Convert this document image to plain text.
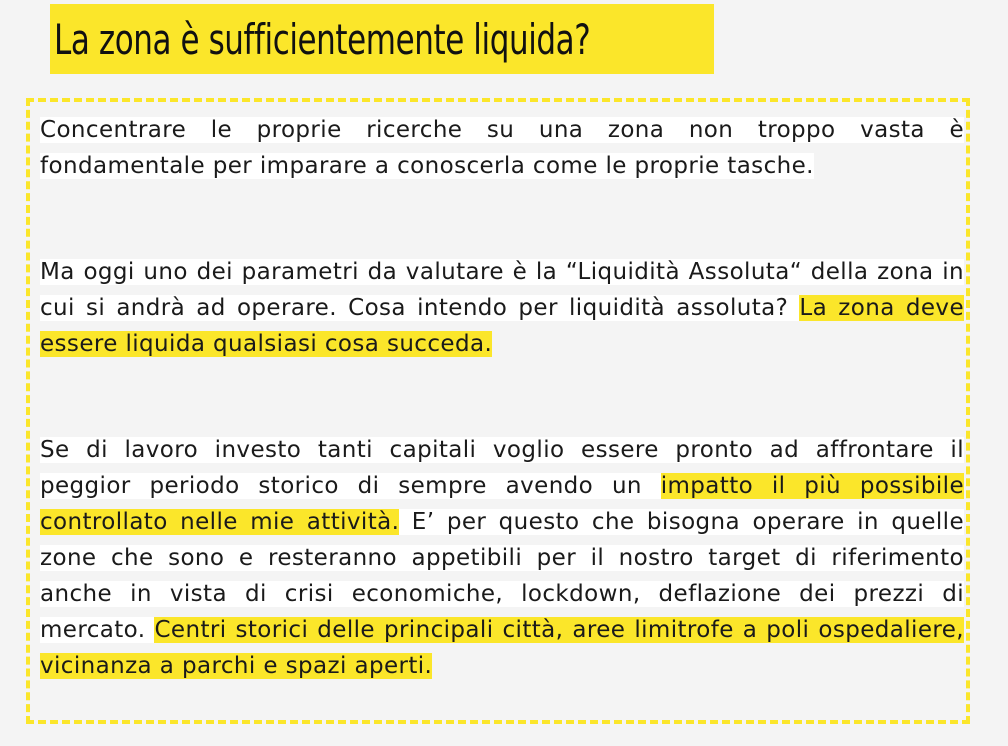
La zona è sufficientemente liquida?

Concentrare le proprie ricerche su una zona non troppo vasta è fondamentale per imparare a conoscerla come le proprie tasche.

Ma oggi uno dei parametri da valutare è la “Liquidità Assoluta“ della zona in cui si andrà ad operare. Cosa intendo per liquidità assoluta? La zona deve essere liquida qualsiasi cosa succeda.

Se di lavoro investo tanti capitali voglio essere pronto ad affrontare il peggior periodo storico di sempre avendo un impatto il più possibile controllato nelle mie attività. E’ per questo che bisogna operare in quelle zone che sono e resteranno appetibili per il nostro target di riferimento anche in vista di crisi economiche, lockdown, deflazione dei prezzi di mercato. Centri storici delle principali città, aree limitrofe a poli ospedaliere, vicinanza a parchi e spazi aperti.
